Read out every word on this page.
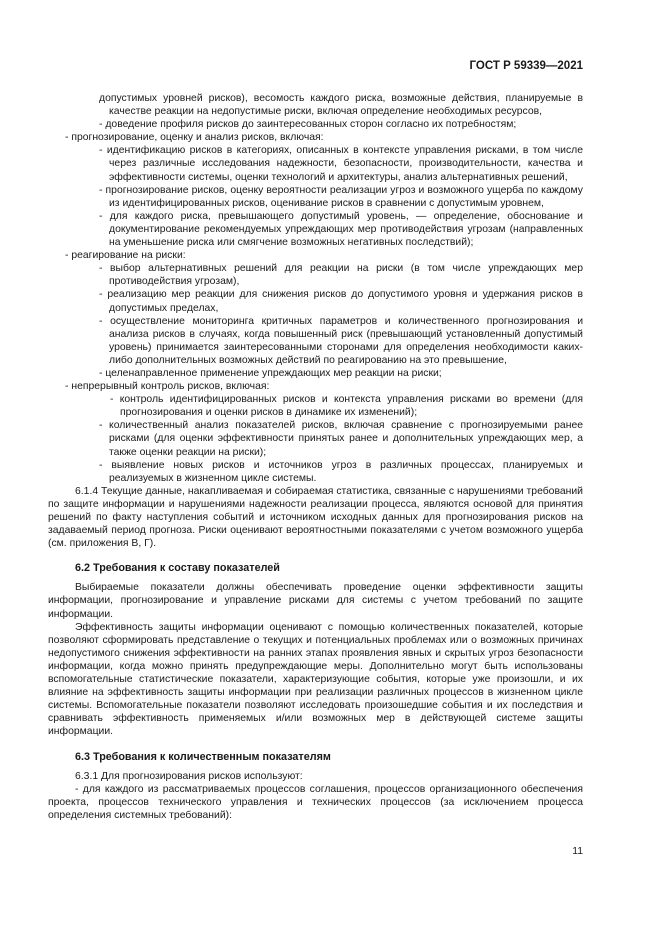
ГОСТ Р 59339—2021

допустимых уровней рисков), весомость каждого риска, возможные действия, планируемые в качестве реакции на недопустимые риски, включая определение необходимых ресурсов,

- доведение профиля рисков до заинтересованных сторон согласно их потребностям;

- прогнозирование, оценку и анализ рисков, включая:

- идентификацию рисков в категориях, описанных в контексте управления рисками, в том числе через различные исследования надежности, безопасности, производительности, качества и эффективности системы, оценки технологий и архитектуры, анализ альтернативных решений,

- прогнозирование рисков, оценку вероятности реализации угроз и возможного ущерба по каждому из идентифицированных рисков, оценивание рисков в сравнении с допустимым уровнем,

- для каждого риска, превышающего допустимый уровень, — определение, обоснование и документирование рекомендуемых упреждающих мер противодействия угрозам (направленных на уменьшение риска или смягчение возможных негативных последствий);

- реагирование на риски:

- выбор альтернативных решений для реакции на риски (в том числе упреждающих мер противодействия угрозам),

- реализацию мер реакции для снижения рисков до допустимого уровня и удержания рисков в допустимых пределах,

- осуществление мониторинга критичных параметров и количественного прогнозирования и анализа рисков в случаях, когда повышенный риск (превышающий установленный допустимый уровень) принимается заинтересованными сторонами для определения необходимости каких-либо дополнительных возможных действий по реагированию на это превышение,

- целенаправленное применение упреждающих мер реакции на риски;

- непрерывный контроль рисков, включая:

- контроль идентифицированных рисков и контекста управления рисками во времени (для прогнозирования и оценки рисков в динамике их изменений);

- количественный анализ показателей рисков, включая сравнение с прогнозируемыми ранее рисками (для оценки эффективности принятых ранее и дополнительных упреждающих мер, а также оценки реакции на риски);

- выявление новых рисков и источников угроз в различных процессах, планируемых и реализуемых в жизненном цикле системы.

6.1.4 Текущие данные, накапливаемая и собираемая статистика, связанные с нарушениями требований по защите информации и нарушениями надежности реализации процесса, являются основой для принятия решений по факту наступления событий и источником исходных данных для прогнозирования рисков на задаваемый период прогноза. Риски оценивают вероятностными показателями с учетом возможного ущерба (см. приложения В, Г).

6.2 Требования к составу показателей

Выбираемые показатели должны обеспечивать проведение оценки эффективности защиты информации, прогнозирование и управление рисками для системы с учетом требований по защите информации.

Эффективность защиты информации оценивают с помощью количественных показателей, которые позволяют сформировать представление о текущих и потенциальных проблемах или о возможных причинах недопустимого снижения эффективности на ранних этапах проявления явных и скрытых угроз безопасности информации, когда можно принять предупреждающие меры. Дополнительно могут быть использованы вспомогательные статистические показатели, характеризующие события, которые уже произошли, и их влияние на эффективность защиты информации при реализации различных процессов в жизненном цикле системы. Вспомогательные показатели позволяют исследовать произошедшие события и их последствия и сравнивать эффективность применяемых и/или возможных мер в действующей системе защиты информации.

6.3 Требования к количественным показателям

6.3.1 Для прогнозирования рисков используют:

- для каждого из рассматриваемых процессов соглашения, процессов организационного обеспечения проекта, процессов технического управления и технических процессов (за исключением процесса определения системных требований):

11
